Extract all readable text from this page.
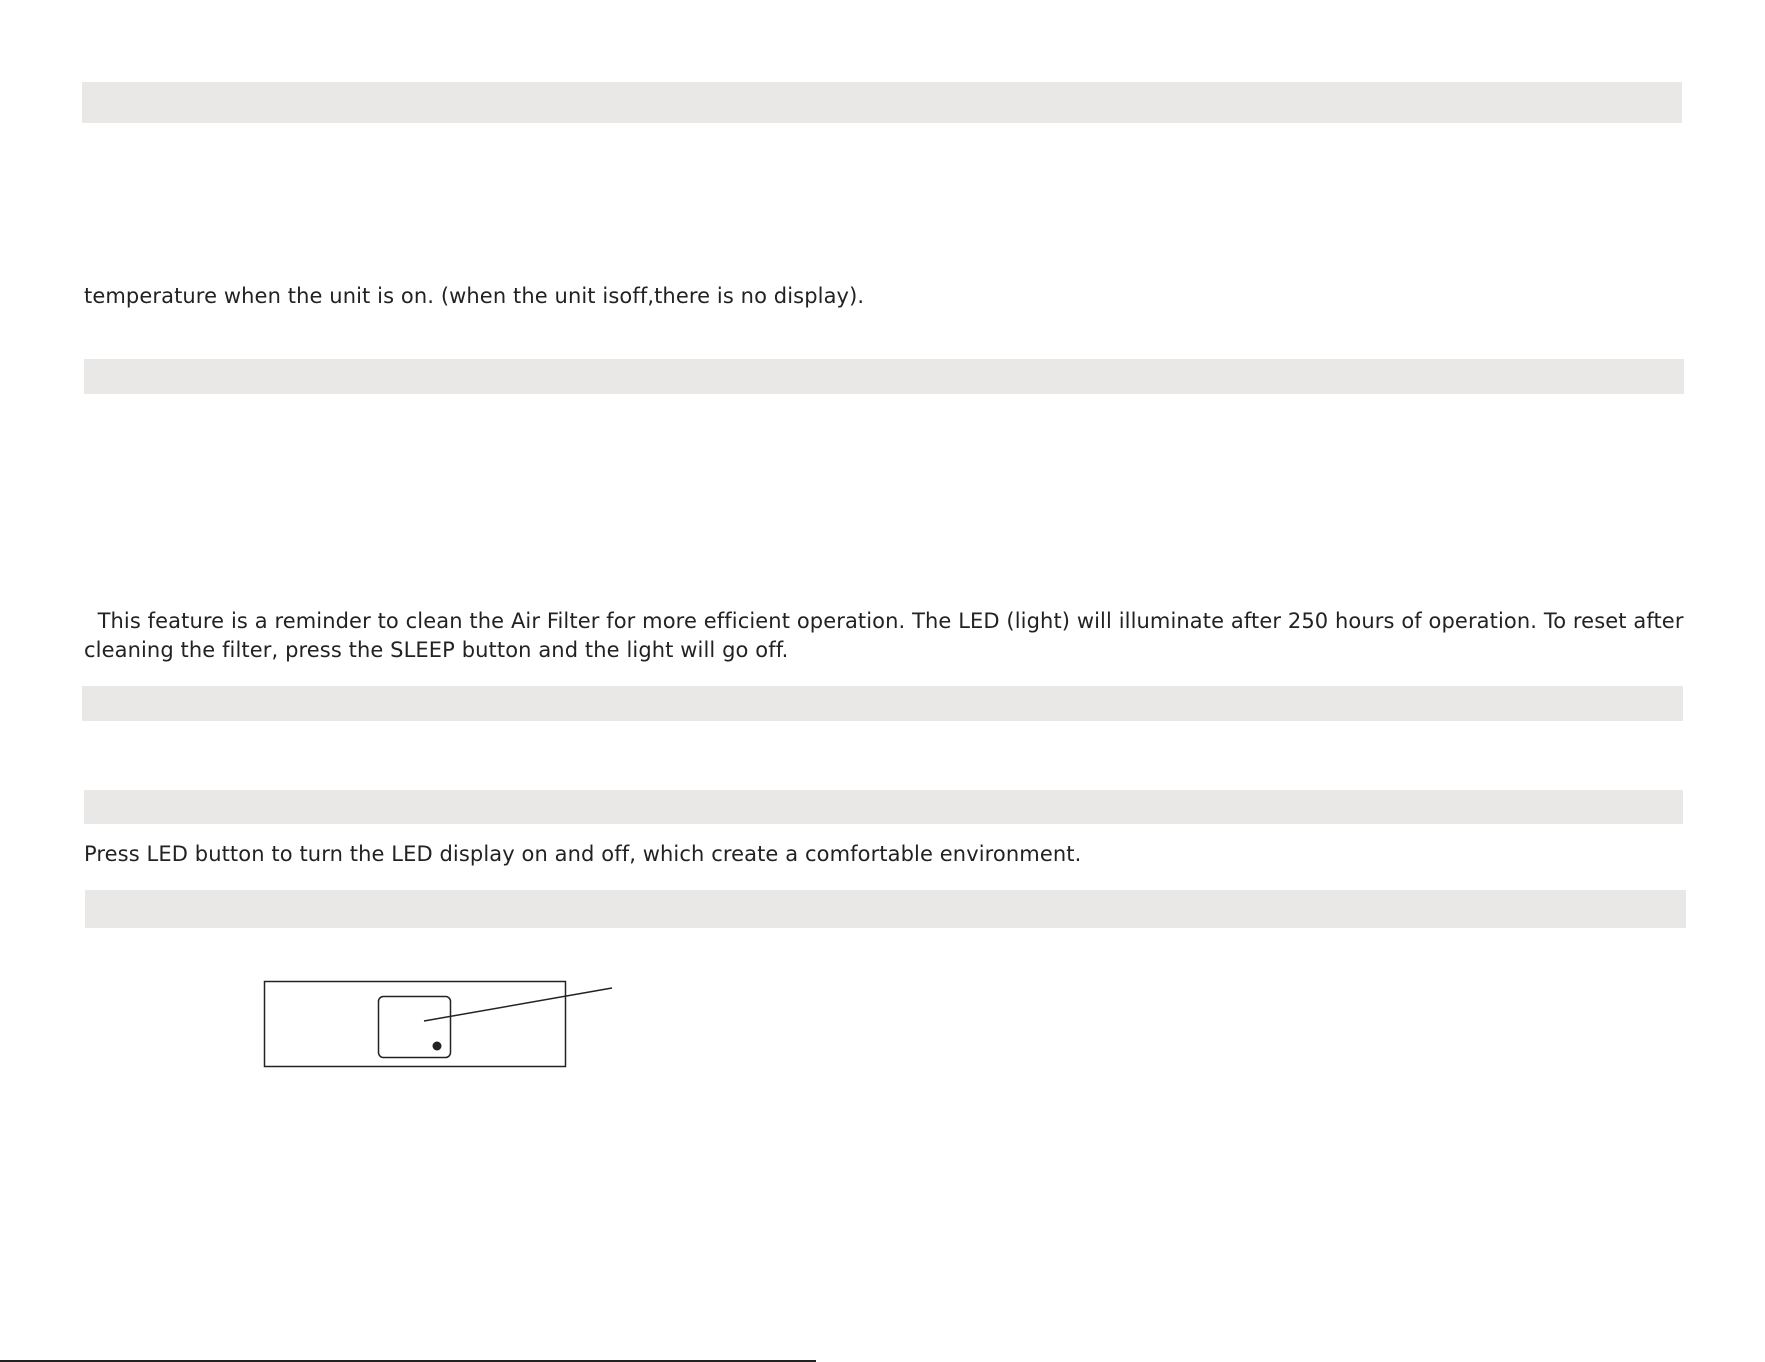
temperature when the unit is on. (when the unit isoff,there is no display).
This feature is a reminder to clean the Air Filter for more efficient operation. The LED (light) will illuminate after 250 hours of operation. To reset after cleaning the filter, press the SLEEP button and the light will go off.
Press LED button to turn the LED display on and off, which create a comfortable environment.
